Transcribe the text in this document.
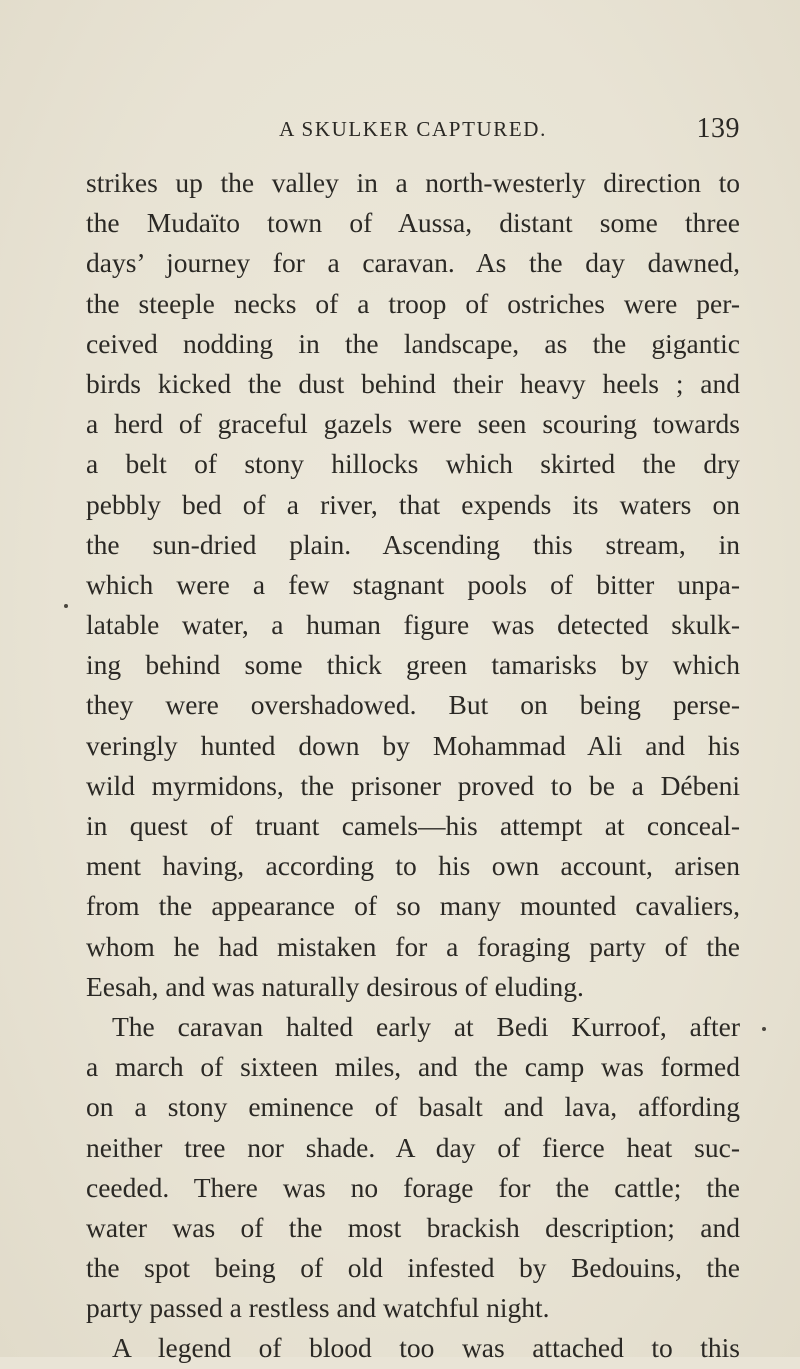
A SKULKER CAPTURED.	139
strikes up the valley in a north-westerly direction to
the Mudaïto town of Aussa, distant some three
days’ journey for a caravan. As the day dawned,
the steeple necks of a troop of ostriches were per-
ceived nodding in the landscape, as the gigantic
birds kicked the dust behind their heavy heels ; and
a herd of graceful gazels were seen scouring towards
a belt of stony hillocks which skirted the dry
pebbly bed of a river, that expends its waters on
the sun-dried plain. Ascending this stream, in
which were a few stagnant pools of bitter unpa-
latable water, a human figure was detected skulk-
ing behind some thick green tamarisks by which
they were overshadowed. But on being perse-
veringly hunted down by Mohammad Ali and his
wild myrmidons, the prisoner proved to be a Débeni
in quest of truant camels—his attempt at conceal-
ment having, according to his own account, arisen
from the appearance of so many mounted cavaliers,
whom he had mistaken for a foraging party of the
Eesah, and was naturally desirous of eluding.
The caravan halted early at Bedi Kurroof, after
a march of sixteen miles, and the camp was formed
on a stony eminence of basalt and lava, affording
neither tree nor shade. A day of fierce heat suc-
ceeded. There was no forage for the cattle; the
water was of the most brackish description; and
the spot being of old infested by Bedouins, the
party passed a restless and watchful night.
A legend of blood too was attached to this
